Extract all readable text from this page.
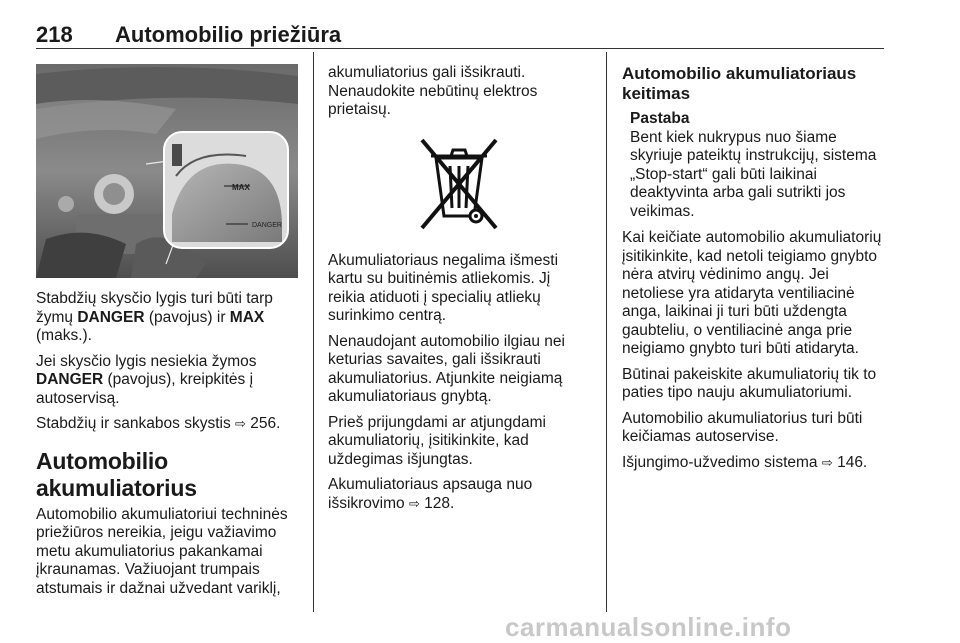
218 Automobilio priežiūra
MAX
DANGER

Stabdžių skysčio lygis turi būti tarp žymų DANGER (pavojus) ir MAX (maks.).

Jei skysčio lygis nesiekia žymos DANGER (pavojus), kreipkitės į autoservisą.

Stabdžių ir sankabos skystis ⇨ 256.

Automobilio akumuliatorius

Automobilio akumuliatoriui techninės priežiūros nereikia, jeigu važiavimo metu akumuliatorius pakankamai įkraunamas. Važiuojant trumpais atstumais ir dažnai užvedant variklį,

akumuliatorius gali išsikrauti. Nenaudokite nebūtinų elektros prietaisų.

Akumuliatoriaus negalima išmesti kartu su buitinėmis atliekomis. Jį reikia atiduoti į specialių atliekų surinkimo centrą.

Nenaudojant automobilio ilgiau nei keturias savaites, gali išsikrauti akumuliatorius. Atjunkite neigiamą akumuliatoriaus gnybtą.

Prieš prijungdami ar atjungdami akumuliatorių, įsitikinkite, kad uždegimas išjungtas.

Akumuliatoriaus apsauga nuo išsikrovimo ⇨ 128.

Automobilio akumuliatoriaus keitimas
Pastaba
Bent kiek nukrypus nuo šiame skyriuje pateiktų instrukcijų, sistema „Stop-start“ gali būti laikinai deaktyvinta arba gali sutrikti jos veikimas.

Kai keičiate automobilio akumuliatorių įsitikinkite, kad netoli teigiamo gnybto nėra atvirų vėdinimo angų. Jei netoliese yra atidaryta ventiliacinė anga, laikinai ji turi būti uždengta gaubteliu, o ventiliacinė anga prie neigiamo gnybto turi būti atidaryta.

Būtinai pakeiskite akumuliatorių tik to paties tipo nauju akumuliatoriumi.

Automobilio akumuliatorius turi būti keičiamas autoservise.

Išjungimo-užvedimo sistema ⇨ 146.

carmanualsonline.info
